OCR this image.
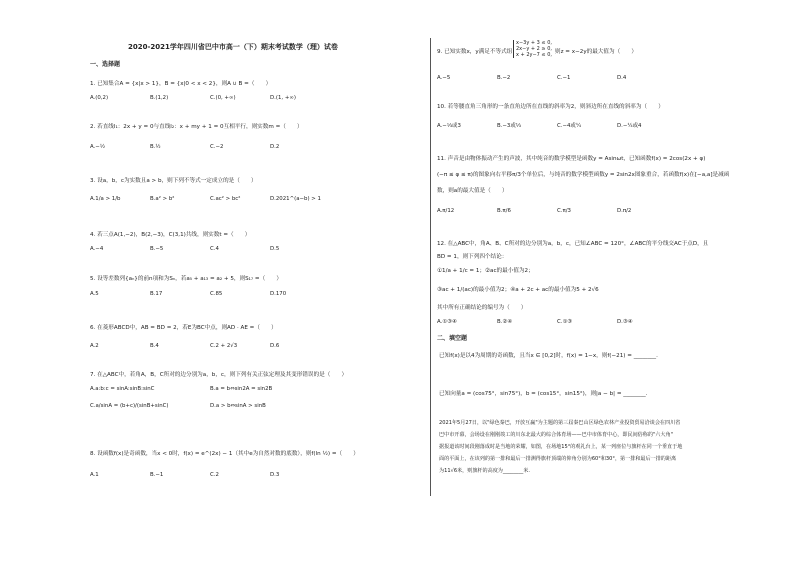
2020-2021学年四川省巴中市高一（下）期末考试数学（理）试卷
一、选择题
1. 已知集合A = {x|x > 1}，B = {x|0 < x < 2}，则A ∪ B =（　　）
A.(0,2)	B.(1,2)	C.(0, +∞)	D.(1, +∞)
2. 若直线l₁：2x + y = 0与直线l₂：x + my + 1 = 0互相平行，则实数m =（　　）
A.−½	B.½	C.−2	D.2
3. 设a，b，c为实数且a > b，则下列不等式一定成立的是（　　）
A.1/a > 1/b	B.a² > b²	C.ac² > bc²	D.2021^(a−b) > 1
4. 若三点A(1,−2)，B(2,−3)，C(3,1)共线，则实数t =（　　）
A.−4	B.−5	C.4	D.5
5. 设等差数列{aₙ}的前n项和为Sₙ，若a₅ + a₁₃ = a₂ + 5，则S₁₇ =（　　）
A.5	B.17	C.85	D.170
6. 在菱形ABCD中，AB = BD = 2，若E为BC中点，则AD · AE =（　　）
A.2	B.4	C.2 + 2√3	D.6
7. 在△ABC中，若角A，B，C所对的边分别为a，b，c，则下列有关正弦定理及其变形错误的是（　　）
A.a:b:c = sinA:sinB:sinC	B.a = b⇔sin2A = sin2B
C.a/sinA = (b+c)/(sinB+sinC)	D.a > b⇔sinA > sinB
8. 设函数f(x)是奇函数，当x < 0时，f(x) = e^(2x) − 1（其中e为自然对数的底数），则f(ln ½) =（　　）
A.1	B.−1	C.2	D.3
9. 已知实数x，y满足不等式组
x−3y + 3 ≤ 0,
2x−y + 2 ≥ 0,
x + 2y−7 ≤ 0, 则z = x−2y的最大值为（　　）
A.−5	B.−2	C.−1	D.4
10. 若等腰直角三角形的一条直角边所在直线的斜率为2，则斜边所在直线的斜率为（　　）
A.−⅓或3	B.−3或⅓	C.−4或¼	D.−¼或4
11. 声音是由物体振动产生的声波，其中纯音的数学模型是函数y = Asinωt，已知函数f(x) = 2cos(2x + φ)
(−π ≤ φ ≤ π)的图象向右平移π/3个单位后，与纯音的数学模型函数y = 2sin2x图象重合，若函数f(x)在[−a,a]是减函
数，则a的最大值是（　　）
A.π/12	B.π/6	C.π/3	D.π/2
12. 在△ABC中，角A、B、C所对的边分别为a，b，c，已知∠ABC = 120°，∠ABC的平分线交AC于点D，且
BD = 1，则下列四个结论：
①1/a + 1/c = 1；②ac的最小值为2；
③ac + 1/(ac)的最小值为2；④a + 2c + ac的最小值为5 + 2√6
其中所有正确结论的编号为（　　）
A.①③④	B.②④	C.①③	D.③④
二、填空题
已知f(x)是以4为周期的奇函数，且当x ∈ [0,2]时，f(x) = 1−x，则f(−21) = ________.
已知向量a = (cos75°，sin75°)，b = (cos15°，sin15°)，则|a − b| = ________.
2021年5月27日，以"绿色秦巴，开放互赢"为主题的第三届秦巴山区绿色农林产业投资贸易洽谈会在四川省
巴中市开幕，会场设在刚刚竣工的川东北最大的综合体育场——巴中市体育中心，即民间俗称的"六大角"
据报道该时间段刚落成时是当地的荣耀，如图，在场地15°的观礼台上，某一列座位与旗杆在同一个垂直于地
面的平面上，在该列的第一排和最后一排测得旗杆顶端的仰角分别为60°和30°，第一排和最后一排的距离
为11√6米，则旗杆的高度为________米.
